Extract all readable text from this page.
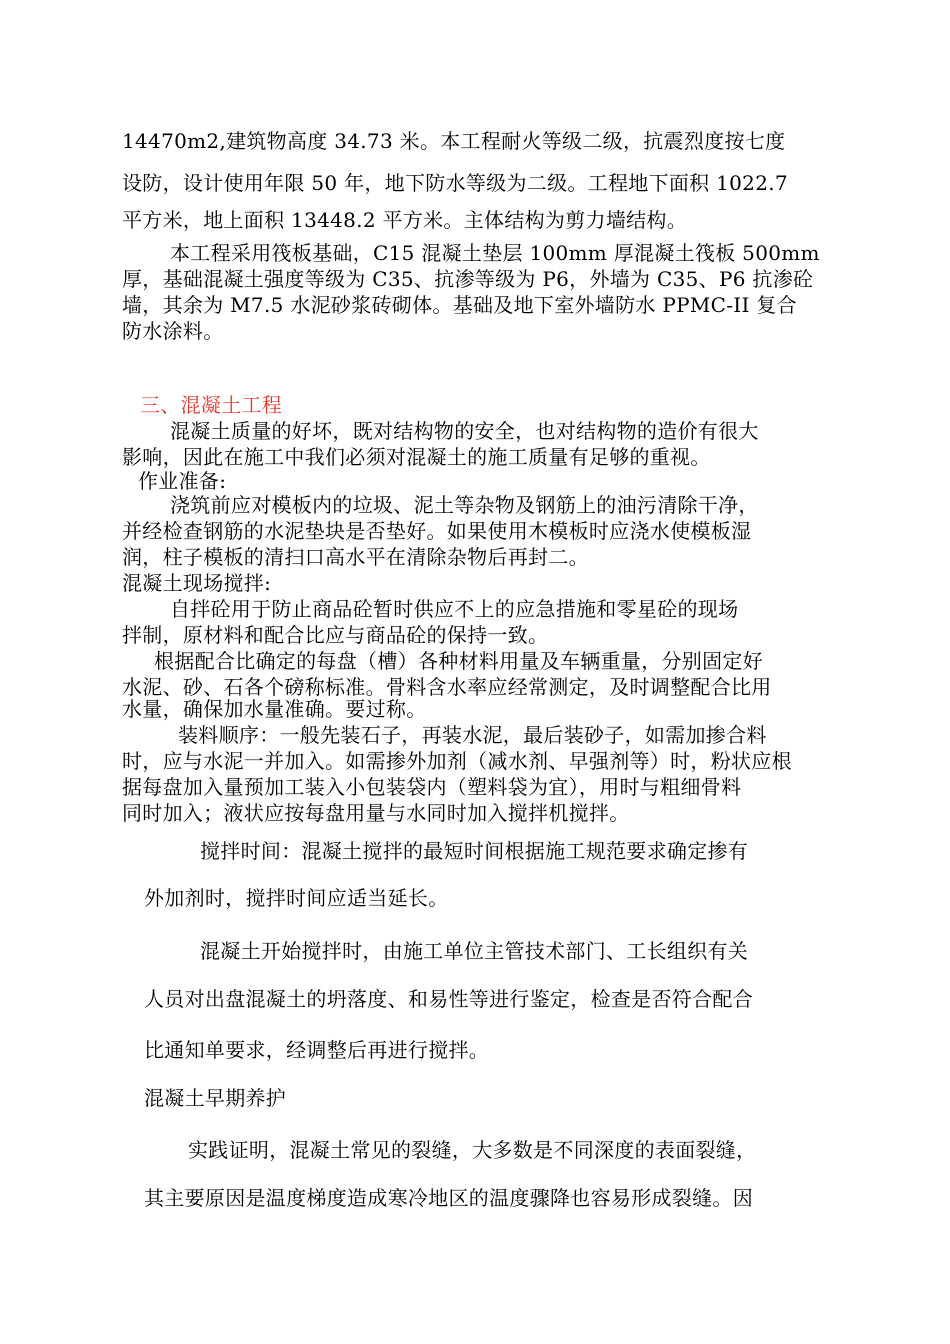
14470m2,建筑物高度 34.73 米。本工程耐火等级二级，抗震烈度按七度
设防，设计使用年限 50 年，地下防水等级为二级。工程地下面积 1022.7
平方米，地上面积 13448.2 平方米。主体结构为剪力墙结构。
本工程采用筏板基础，C15 混凝土垫层 100mm 厚混凝土筏板 500mm
厚，基础混凝土强度等级为 C35、抗渗等级为 P6，外墙为 C35、P6 抗渗砼
墙，其余为 M7.5 水泥砂浆砖砌体。基础及地下室外墙防水 PPMC-II 复合
防水涂料。
三、混凝土工程
混凝土质量的好坏，既对结构物的安全，也对结构物的造价有很大
影响，因此在施工中我们必须对混凝土的施工质量有足够的重视。
作业准备:
浇筑前应对模板内的垃圾、泥土等杂物及钢筋上的油污清除干净，
并经检查钢筋的水泥垫块是否垫好。如果使用木模板时应浇水使模板湿
润，柱子模板的清扫口高水平在清除杂物后再封二。
混凝土现场搅拌:
自拌砼用于防止商品砼暂时供应不上的应急措施和零星砼的现场
拌制，原材料和配合比应与商品砼的保持一致。
根据配合比确定的每盘（槽）各种材料用量及车辆重量，分别固定好
水泥、砂、石各个磅称标准。骨料含水率应经常测定，及时调整配合比用
水量，确保加水量准确。要过称。
装料顺序：一般先装石子，再装水泥，最后装砂子，如需加掺合料
时，应与水泥一并加入。如需掺外加剂（减水剂、早强剂等）时，粉状应根
据每盘加入量预加工装入小包装袋内（塑料袋为宜），用时与粗细骨料
同时加入；液状应按每盘用量与水同时加入搅拌机搅拌。
搅拌时间：混凝土搅拌的最短时间根据施工规范要求确定掺有
外加剂时，搅拌时间应适当延长。
混凝土开始搅拌时，由施工单位主管技术部门、工长组织有关
人员对出盘混凝土的坍落度、和易性等进行鉴定，检查是否符合配合
比通知单要求，经调整后再进行搅拌。
混凝土早期养护
实践证明，混凝土常见的裂缝，大多数是不同深度的表面裂缝，
其主要原因是温度梯度造成寒冷地区的温度骤降也容易形成裂缝。因
